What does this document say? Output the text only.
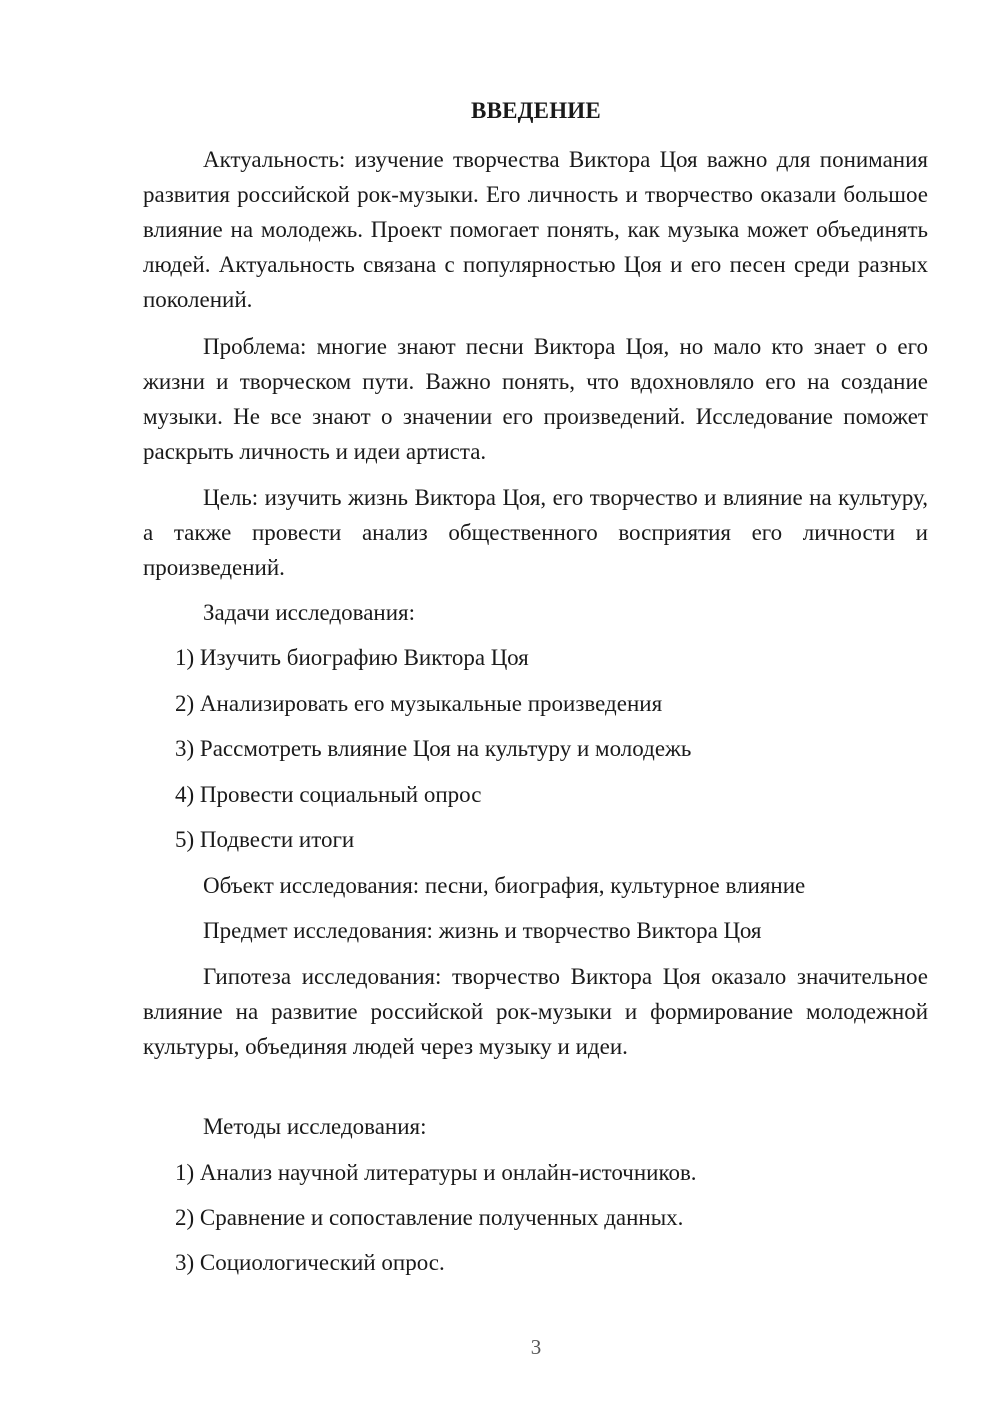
ВВЕДЕНИЕ

Актуальность: изучение творчества Виктора Цоя важно для понимания развития российской рок-музыки. Его личность и творчество оказали большое влияние на молодежь. Проект помогает понять, как музыка может объединять людей. Актуальность связана с популярностью Цоя и его песен среди разных поколений.

Проблема: многие знают песни Виктора Цоя, но мало кто знает о его жизни и творческом пути. Важно понять, что вдохновляло его на создание музыки. Не все знают о значении его произведений. Исследование поможет раскрыть личность и идеи артиста.

Цель: изучить жизнь Виктора Цоя, его творчество и влияние на культуру, а также провести анализ общественного восприятия его личности и произведений.

Задачи исследования:

1) Изучить биографию Виктора Цоя

2) Анализировать его музыкальные произведения

3) Рассмотреть влияние Цоя на культуру и молодежь

4) Провести социальный опрос

5) Подвести итоги

Объект исследования: песни, биография, культурное влияние

Предмет исследования: жизнь и творчество Виктора Цоя

Гипотеза исследования: творчество Виктора Цоя оказало значительное влияние на развитие российской рок-музыки и формирование молодежной культуры, объединяя людей через музыку и идеи.

Методы исследования:

1) Анализ научной литературы и онлайн-источников.

2) Сравнение и сопоставление полученных данных.

3) Социологический опрос.

3
